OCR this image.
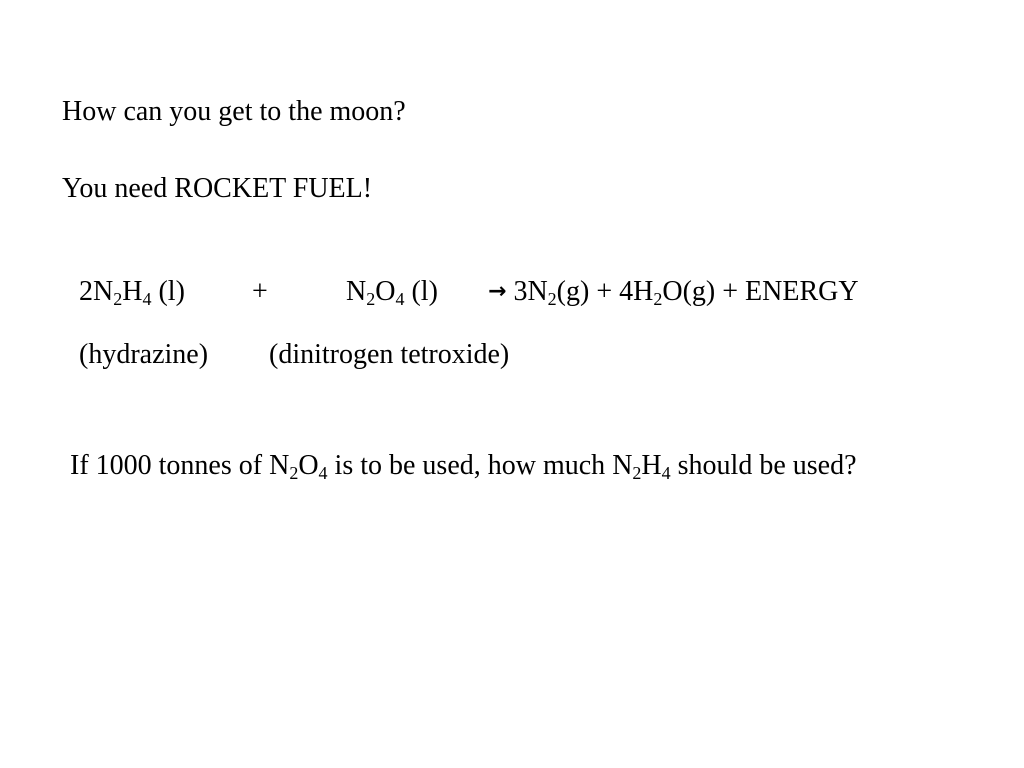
How can you get to the moon?
You need ROCKET FUEL!
$2N_2H_4$ (l) +	$N_2O_4$ $(l) \to 3N_2(g) + 4H_2O(g)$ + ENERGY
(hydrazine) (dinitrogen tetroxide)
If 1000 tonnes of $N_2O_4$ is to be used, how much $N_2H_4$ should be used?
